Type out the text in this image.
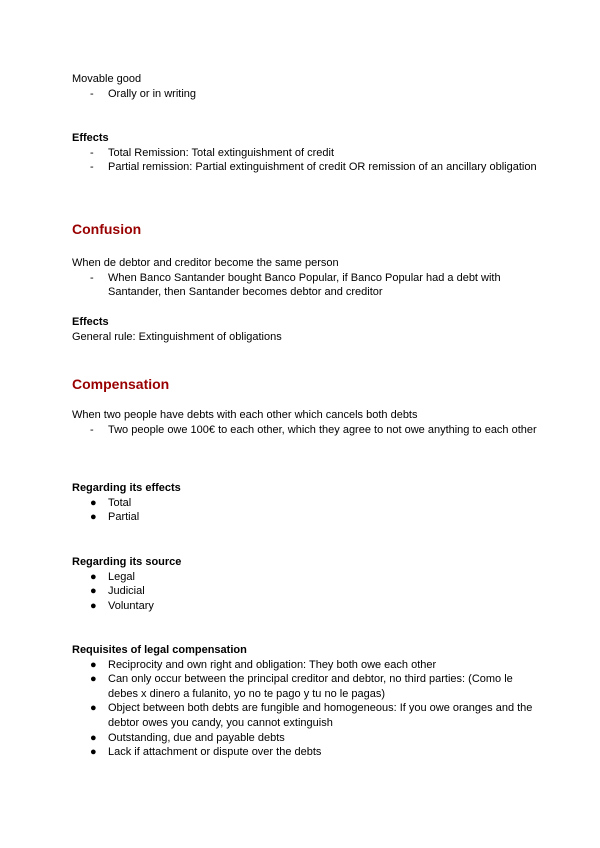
Movable good

-	Orally or in writing

Effects

-	Total Remission: Total extinguishment of credit
-	Partial remission: Partial extinguishment of credit OR remission of an ancillary obligation
Confusion

When de debtor and creditor become the same person

-	When Banco Santander bought Banco Popular, if Banco Popular had a debt with Santander, then Santander becomes debtor and creditor

Effects

General rule: Extinguishment of obligations

Compensation

When two people have debts with each other which cancels both debts

-	Two people owe 100€ to each other, which they agree to not owe anything to each other

Regarding its effects

●	Total
●	Partial

Regarding its source

●	Legal
●	Judicial
●	Voluntary

Requisites of legal compensation

●	Reciprocity and own right and obligation: They both owe each other
●	Can only occur between the principal creditor and debtor, no third parties: (Como le debes x dinero a fulanito, yo no te pago y tu no le pagas)
●	Object between both debts are fungible and homogeneous: If you owe oranges and the debtor owes you candy, you cannot extinguish
●	Outstanding, due and payable debts
●	Lack if attachment or dispute over the debts
